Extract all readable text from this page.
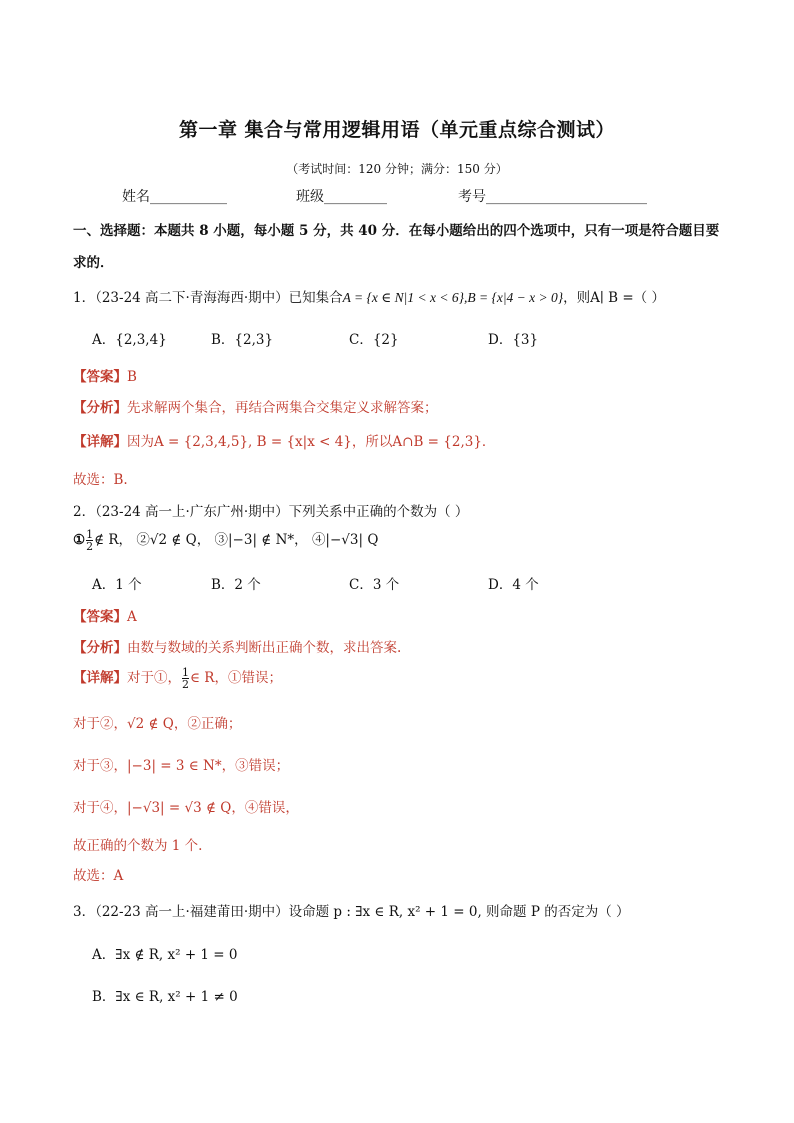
第一章 集合与常用逻辑用语（单元重点综合测试）
（考试时间：120 分钟；满分：150 分）
姓名___________	班级_________	考号_______________________
一、选择题：本题共 8 小题，每小题 5 分，共 40 分．在每小题给出的四个选项中，只有一项是符合题目要
求的．
1．（23-24 高二下·青海海西·期中）已知集合A = {x ∈ N|1 < x < 6},B = {x|4 − x > 0}，则A∣ B =（ ）
A．{2,3,4}	B．{2,3}	C．{2}	D．{3}
【答案】B
【分析】先求解两个集合，再结合两集合交集定义求解答案；
【详解】因为A = {2,3,4,5}, B = {x|x < 4}，所以A∩B = {2,3}．
故选：B.
2．（23-24 高一上·广东广州·期中）下列关系中正确的个数为（ ）
① $\frac{1}{2}$ ∉ R， ②√2 ∉ Q， ③|−3| ∉ N*， ④|−√3| Q
A．1 个	B．2 个	C．3 个	D．4 个
【答案】A
【分析】由数与数域的关系判断出正确个数，求出答案.
【详解】对于①， $\frac{1}{2}$ ∈ R，①错误；
对于②，√2 ∉ Q，②正确；
对于③，|−3| = 3 ∈ N*，③错误；
对于④，|−√3| = √3 ∉ Q，④错误，
故正确的个数为 1 个.
故选：A
3．（22-23 高一上·福建莆田·期中）设命题 p : ∃x ∈ R, x² + 1 = 0, 则命题 P 的否定为（ ）
A．∃x ∉ R, x² + 1 = 0
B．∃x ∈ R, x² + 1 ≠ 0
